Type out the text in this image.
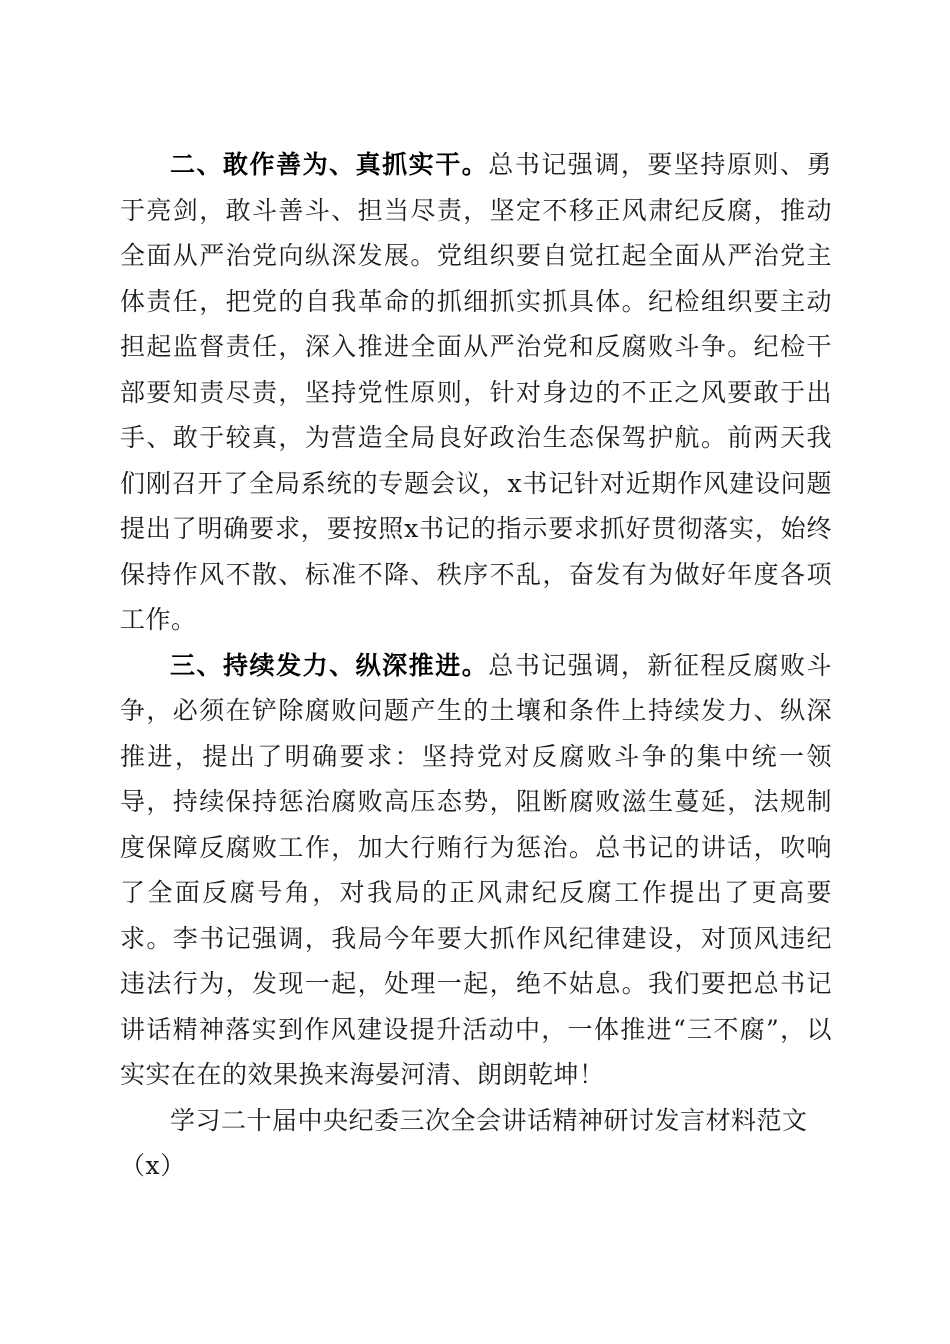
二、敢作善为、真抓实干。总书记强调，要坚持原则、勇于亮剑，敢斗善斗、担当尽责，坚定不移正风肃纪反腐，推动全面从严治党向纵深发展。党组织要自觉扛起全面从严治党主体责任，把党的自我革命的抓细抓实抓具体。纪检组织要主动担起监督责任，深入推进全面从严治党和反腐败斗争。纪检干部要知责尽责，坚持党性原则，针对身边的不正之风要敢于出手、敢于较真，为营造全局良好政治生态保驾护航。前两天我们刚召开了全局系统的专题会议，x书记针对近期作风建设问题提出了明确要求，要按照x书记的指示要求抓好贯彻落实，始终保持作风不散、标准不降、秩序不乱，奋发有为做好年度各项工作。

三、持续发力、纵深推进。总书记强调，新征程反腐败斗争，必须在铲除腐败问题产生的土壤和条件上持续发力、纵深推进，提出了明确要求：坚持党对反腐败斗争的集中统一领导，持续保持惩治腐败高压态势，阻断腐败滋生蔓延，法规制度保障反腐败工作，加大行贿行为惩治。总书记的讲话，吹响了全面反腐号角，对我局的正风肃纪反腐工作提出了更高要求。李书记强调，我局今年要大抓作风纪律建设，对顶风违纪违法行为，发现一起，处理一起，绝不姑息。我们要把总书记讲话精神落实到作风建设提升活动中，一体推进“三不腐”，以实实在在的效果换来海晏河清、朗朗乾坤！

学习二十届中央纪委三次全会讲话精神研讨发言材料范文（x）
